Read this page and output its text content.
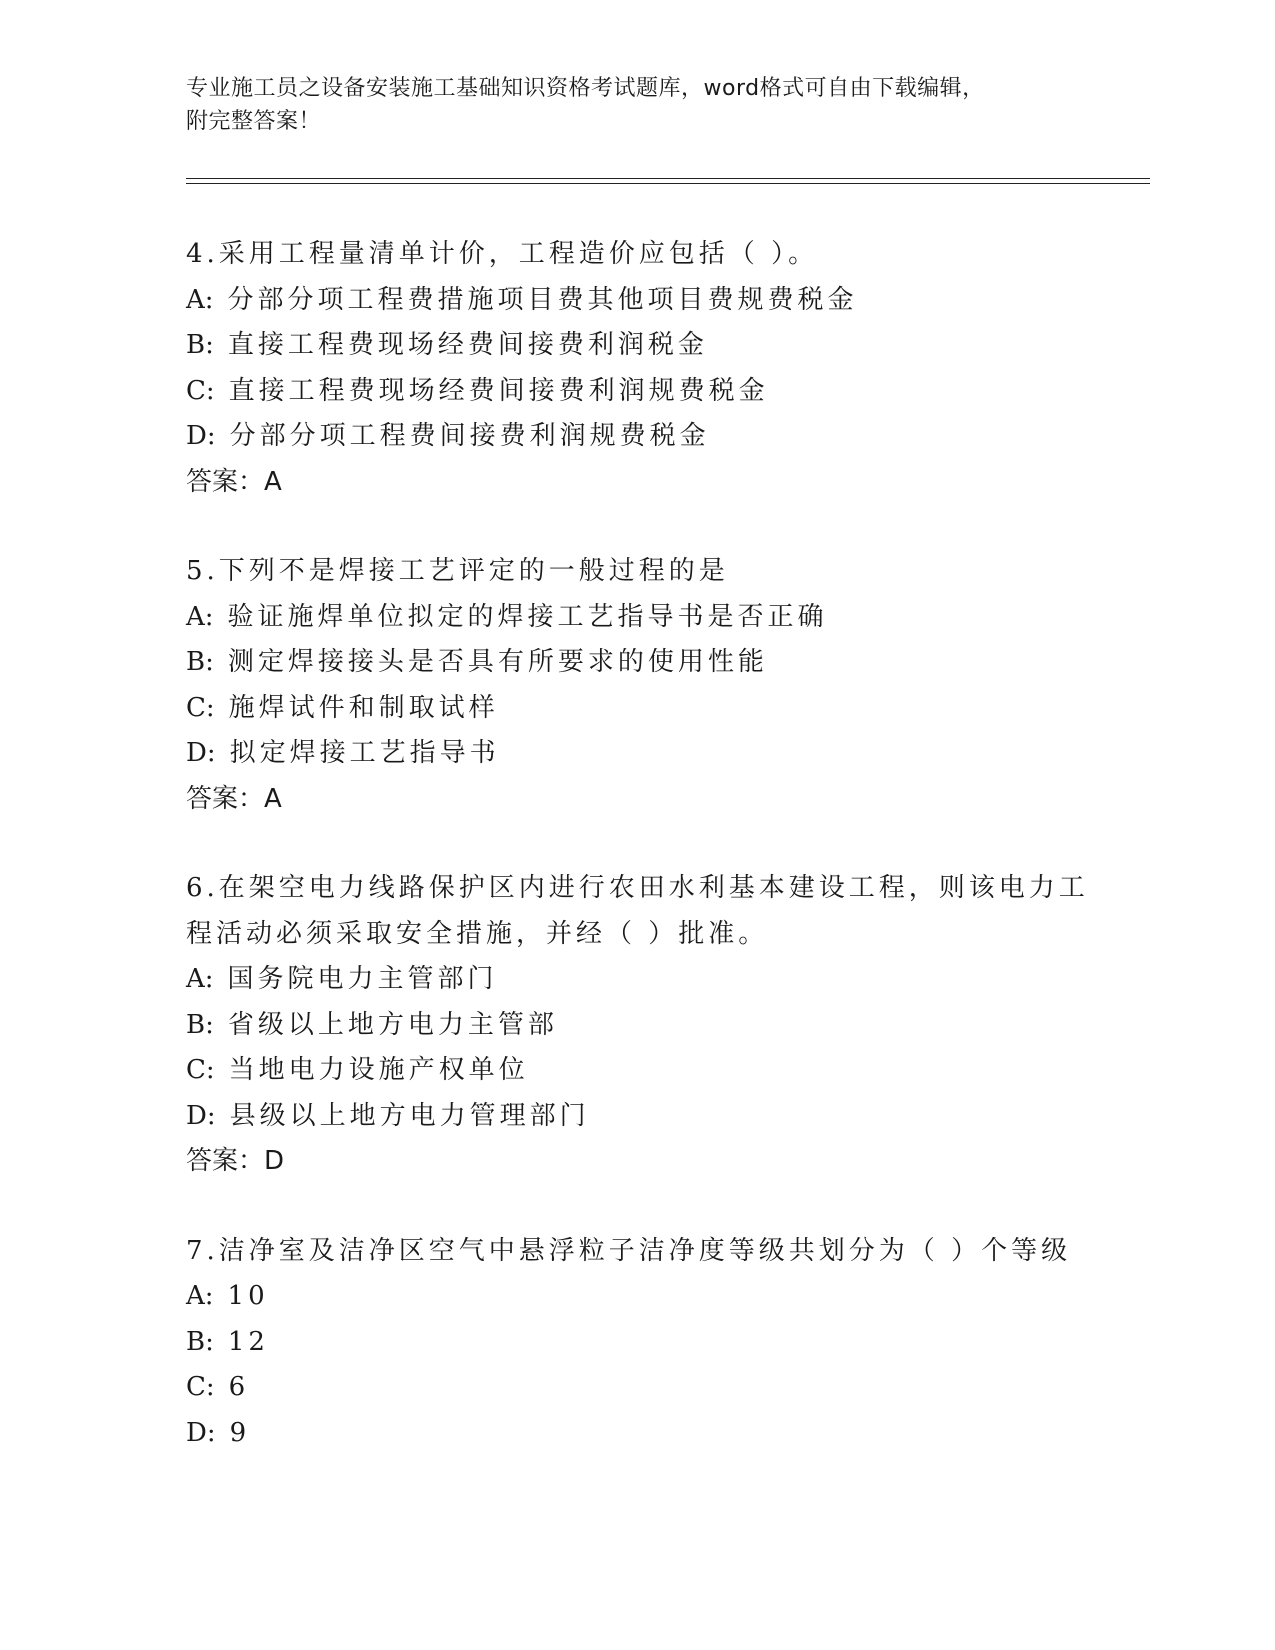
专业施工员之设备安装施工基础知识资格考试题库，word格式可自由下载编辑，
附完整答案！
4.采用工程量清单计价，工程造价应包括（ ）。
A: 分部分项工程费措施项目费其他项目费规费税金
B: 直接工程费现场经费间接费利润税金
C: 直接工程费现场经费间接费利润规费税金
D: 分部分项工程费间接费利润规费税金
答案：A
5.下列不是焊接工艺评定的一般过程的是
A: 验证施焊单位拟定的焊接工艺指导书是否正确
B: 测定焊接接头是否具有所要求的使用性能
C: 施焊试件和制取试样
D: 拟定焊接工艺指导书
答案：A
6.在架空电力线路保护区内进行农田水利基本建设工程，则该电力工
程活动必须采取安全措施，并经（ ）批准。
A: 国务院电力主管部门
B: 省级以上地方电力主管部
C: 当地电力设施产权单位
D: 县级以上地方电力管理部门
答案：D
7.洁净室及洁净区空气中悬浮粒子洁净度等级共划分为（ ）个等级
A: 10
B: 12
C: 6
D: 9
